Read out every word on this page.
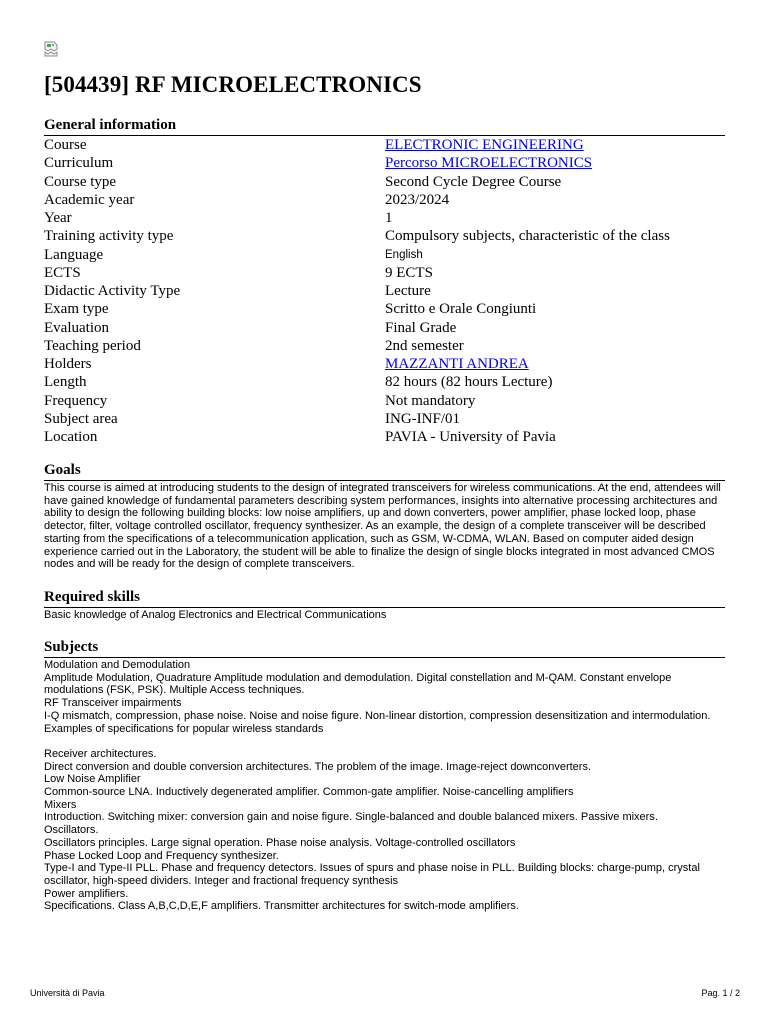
[504439] RF MICROELECTRONICS
General information
Course	ELECTRONIC ENGINEERING
Curriculum	Percorso MICROELECTRONICS
Course type	Second Cycle Degree Course
Academic year	2023/2024
Year	1
Training activity type	Compulsory subjects, characteristic of the class
Language	English
ECTS	9 ECTS
Didactic Activity Type	Lecture
Exam type	Scritto e Orale Congiunti
Evaluation	Final Grade
Teaching period	2nd semester
Holders	MAZZANTI ANDREA
Length	82 hours (82 hours Lecture)
Frequency	Not mandatory
Subject area	ING-INF/01
Location	PAVIA - University of Pavia
Goals
This course is aimed at introducing students to the design of integrated transceivers for wireless communications. At the end, attendees will have gained knowledge of fundamental parameters describing system performances, insights into alternative processing architectures and ability to design the following building blocks: low noise amplifiers, up and down converters, power amplifier, phase locked loop, phase detector, filter, voltage controlled oscillator, frequency synthesizer. As an example, the design of a complete transceiver will be described starting from the specifications of a telecommunication application, such as GSM, W-CDMA, WLAN. Based on computer aided design experience carried out in the Laboratory, the student will be able to finalize the design of single blocks integrated in most advanced CMOS nodes and will be ready for the design of complete transceivers.
Required skills
Basic knowledge of Analog Electronics and Electrical Communications
Subjects
Modulation and Demodulation
Amplitude Modulation, Quadrature Amplitude modulation and demodulation. Digital constellation and M-QAM. Constant envelope modulations (FSK, PSK). Multiple Access techniques.
RF Transceiver impairments
I-Q mismatch, compression, phase noise. Noise and noise figure. Non-linear distortion, compression desensitization and intermodulation. Examples of specifications for popular wireless standards
Receiver architectures.
Direct conversion and double conversion architectures. The problem of the image. Image-reject downconverters.
Low Noise Amplifier
Common-source LNA. Inductively degenerated amplifier. Common-gate amplifier. Noise-cancelling amplifiers
Mixers
Introduction. Switching mixer: conversion gain and noise figure. Single-balanced and double balanced mixers. Passive mixers.
Oscillators.
Oscillators principles. Large signal operation. Phase noise analysis. Voltage-controlled oscillators
Phase Locked Loop and Frequency synthesizer.
Type-I and Type-II PLL. Phase and frequency detectors. Issues of spurs and phase noise in PLL. Building blocks: charge-pump, crystal oscillator, high-speed dividers. Integer and fractional frequency synthesis
Power amplifiers.
Specifications. Class A,B,C,D,E,F amplifiers. Transmitter architectures for switch-mode amplifiers.
Università di Pavia	Pag. 1 / 2
